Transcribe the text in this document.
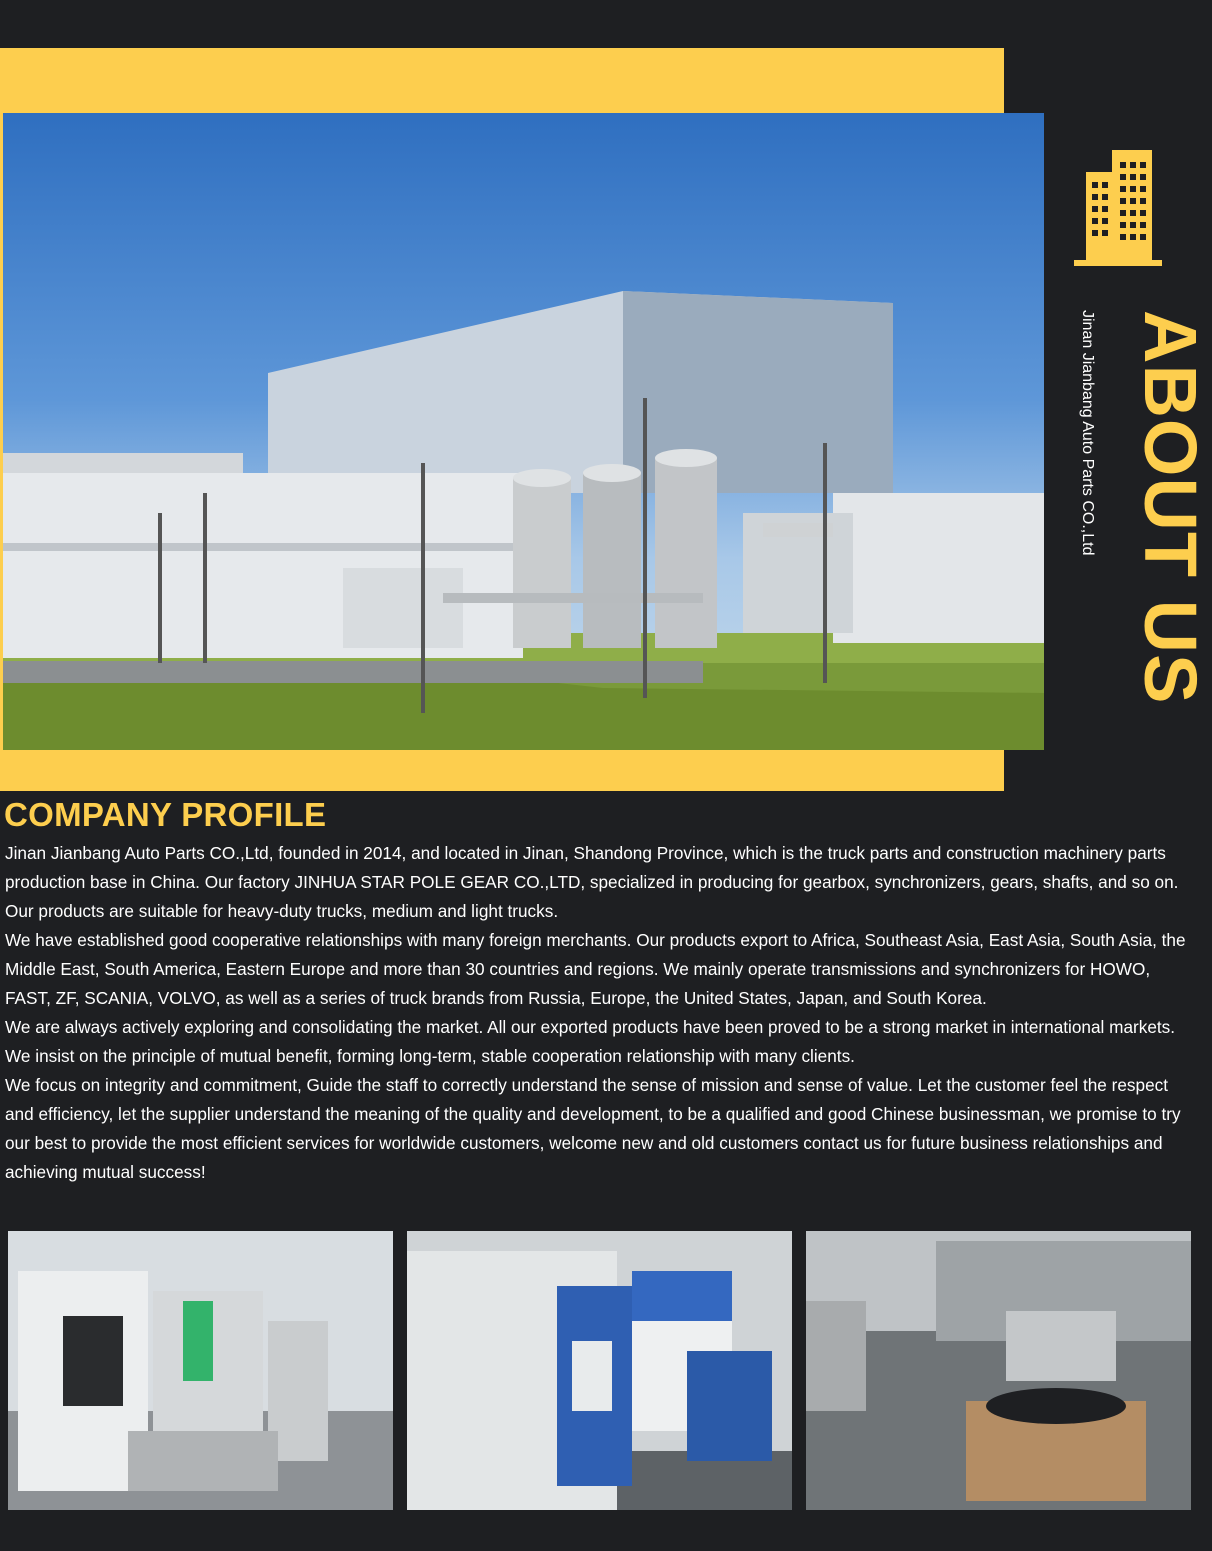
ABOUT US
Jinan Jianbang Auto Parts CO.,Ltd
COMPANY PROFILE

Jinan Jianbang Auto Parts CO.,Ltd, founded in 2014, and located in Jinan, Shandong Province, which is the truck parts and construction machinery parts production base in China. Our factory JINHUA STAR POLE GEAR CO.,LTD, specialized in producing for gearbox, synchronizers, gears, shafts, and so on. Our products are suitable for heavy-duty trucks, medium and light trucks.

We have established good cooperative relationships with many foreign merchants. Our products export to Africa, Southeast Asia, East Asia, South Asia, the Middle East, South America, Eastern Europe and more than 30 countries and regions. We mainly operate transmissions and synchronizers for HOWO, FAST, ZF, SCANIA, VOLVO, as well as a series of truck brands from Russia, Europe, the United States, Japan, and South Korea.

We are always actively exploring and consolidating the market. All our exported products have been proved to be a strong market in international markets. We insist on the principle of mutual benefit, forming long-term, stable cooperation relationship with many clients.

We focus on integrity and commitment, Guide the staff to correctly understand the sense of mission and sense of value. Let the customer feel the respect and efficiency, let the supplier understand the meaning of the quality and development, to be a qualified and good Chinese businessman, we promise to try our best to provide the most efficient services for worldwide customers, welcome new and old customers contact us for future business relationships and achieving mutual success!
